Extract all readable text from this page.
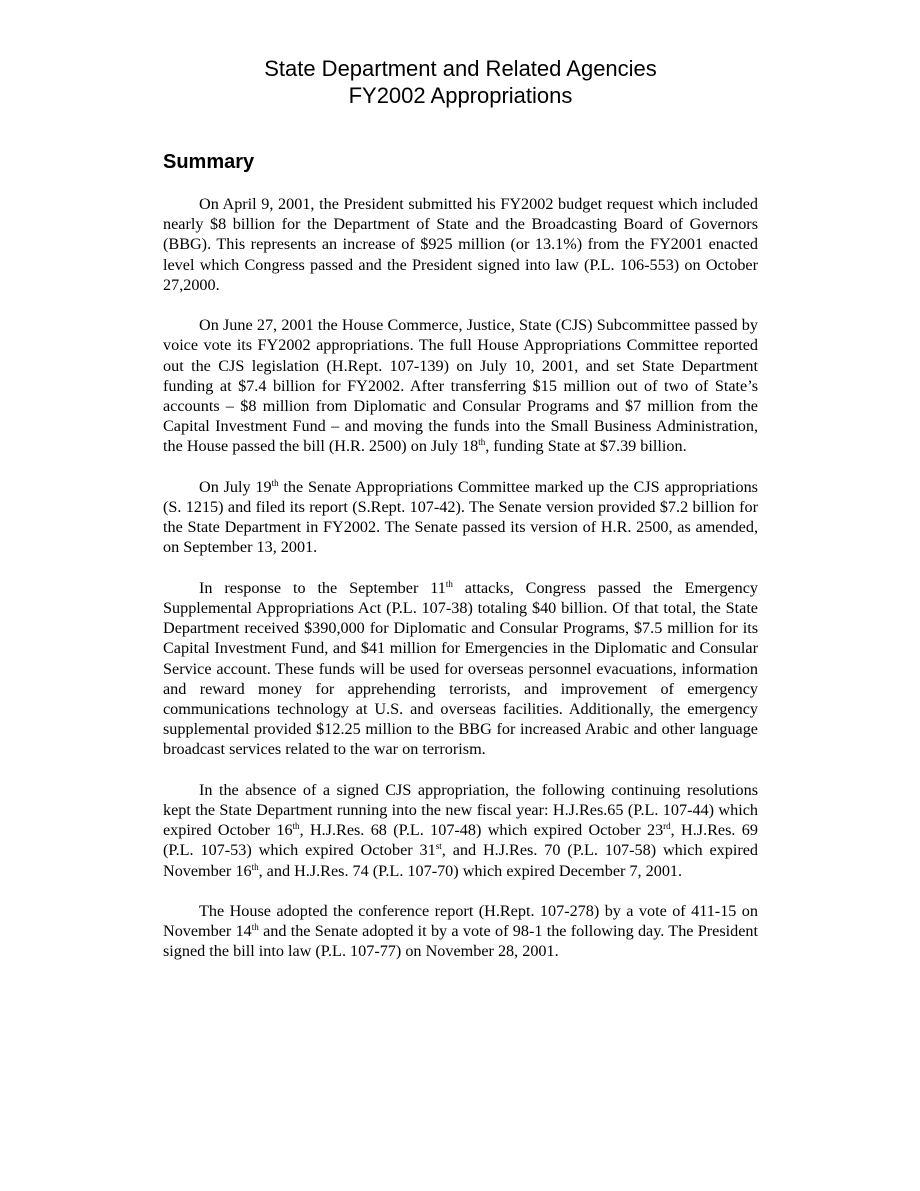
State Department and Related Agencies
FY2002 Appropriations
Summary

On April 9, 2001, the President submitted his FY2002 budget request which included nearly $8 billion for the Department of State and the Broadcasting Board of Governors (BBG). This represents an increase of $925 million (or 13.1%) from the FY2001 enacted level which Congress passed and the President signed into law (P.L. 106-553) on October 27,2000.

On June 27, 2001 the House Commerce, Justice, State (CJS) Subcommittee passed by voice vote its FY2002 appropriations. The full House Appropriations Committee reported out the CJS legislation (H.Rept. 107-139) on July 10, 2001, and set State Department funding at $7.4 billion for FY2002. After transferring $15 million out of two of State’s accounts – $8 million from Diplomatic and Consular Programs and $7 million from the Capital Investment Fund – and moving the funds into the Small Business Administration, the House passed the bill (H.R. 2500) on July 18th, funding State at $7.39 billion.

On July 19th the Senate Appropriations Committee marked up the CJS appropriations (S. 1215) and filed its report (S.Rept. 107-42). The Senate version provided $7.2 billion for the State Department in FY2002. The Senate passed its version of H.R. 2500, as amended, on September 13, 2001.

In response to the September 11th attacks, Congress passed the Emergency Supplemental Appropriations Act (P.L. 107-38) totaling $40 billion. Of that total, the State Department received $390,000 for Diplomatic and Consular Programs, $7.5 million for its Capital Investment Fund, and $41 million for Emergencies in the Diplomatic and Consular Service account. These funds will be used for overseas personnel evacuations, information and reward money for apprehending terrorists, and improvement of emergency communications technology at U.S. and overseas facilities. Additionally, the emergency supplemental provided $12.25 million to the BBG for increased Arabic and other language broadcast services related to the war on terrorism.

In the absence of a signed CJS appropriation, the following continuing resolutions kept the State Department running into the new fiscal year: H.J.Res.65 (P.L. 107-44) which expired October 16th, H.J.Res. 68 (P.L. 107-48) which expired October 23rd, H.J.Res. 69 (P.L. 107-53) which expired October 31st, and H.J.Res. 70 (P.L. 107-58) which expired November 16th, and H.J.Res. 74 (P.L. 107-70) which expired December 7, 2001.

The House adopted the conference report (H.Rept. 107-278) by a vote of 411-15 on November 14th and the Senate adopted it by a vote of 98-1 the following day. The President signed the bill into law (P.L. 107-77) on November 28, 2001.
